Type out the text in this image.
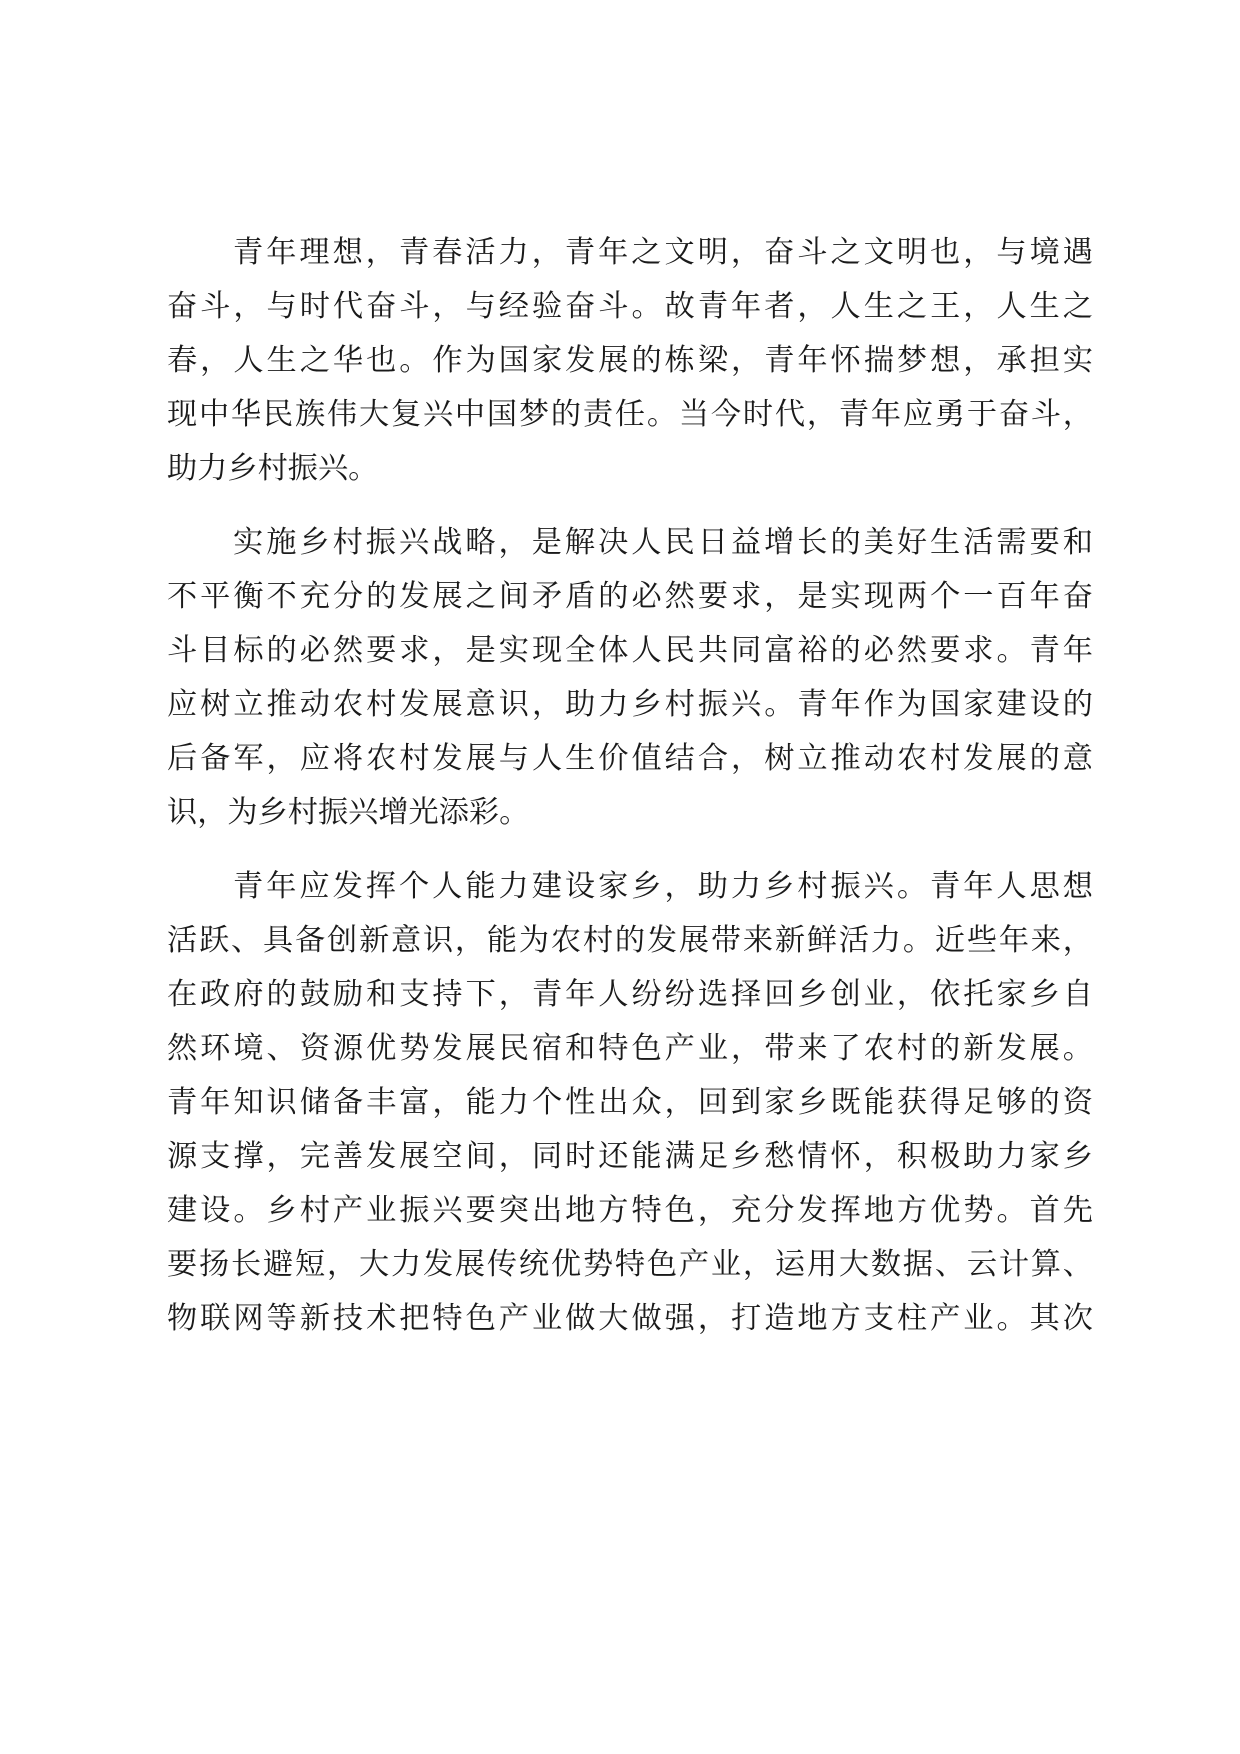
青年理想，青春活力，青年之文明，奋斗之文明也，与境遇
奋斗，与时代奋斗，与经验奋斗。故青年者，人生之王，人生之
春，人生之华也。作为国家发展的栋梁，青年怀揣梦想，承担实
现中华民族伟大复兴中国梦的责任。当今时代，青年应勇于奋斗，
助力乡村振兴。
实施乡村振兴战略，是解决人民日益增长的美好生活需要和
不平衡不充分的发展之间矛盾的必然要求，是实现两个一百年奋
斗目标的必然要求，是实现全体人民共同富裕的必然要求。青年
应树立推动农村发展意识，助力乡村振兴。青年作为国家建设的
后备军，应将农村发展与人生价值结合，树立推动农村发展的意
识，为乡村振兴增光添彩。
青年应发挥个人能力建设家乡，助力乡村振兴。青年人思想
活跃、具备创新意识，能为农村的发展带来新鲜活力。近些年来，
在政府的鼓励和支持下，青年人纷纷选择回乡创业，依托家乡自
然环境、资源优势发展民宿和特色产业，带来了农村的新发展。
青年知识储备丰富，能力个性出众，回到家乡既能获得足够的资
源支撑，完善发展空间，同时还能满足乡愁情怀，积极助力家乡
建设。乡村产业振兴要突出地方特色，充分发挥地方优势。首先
要扬长避短，大力发展传统优势特色产业，运用大数据、云计算、
物联网等新技术把特色产业做大做强，打造地方支柱产业。其次
